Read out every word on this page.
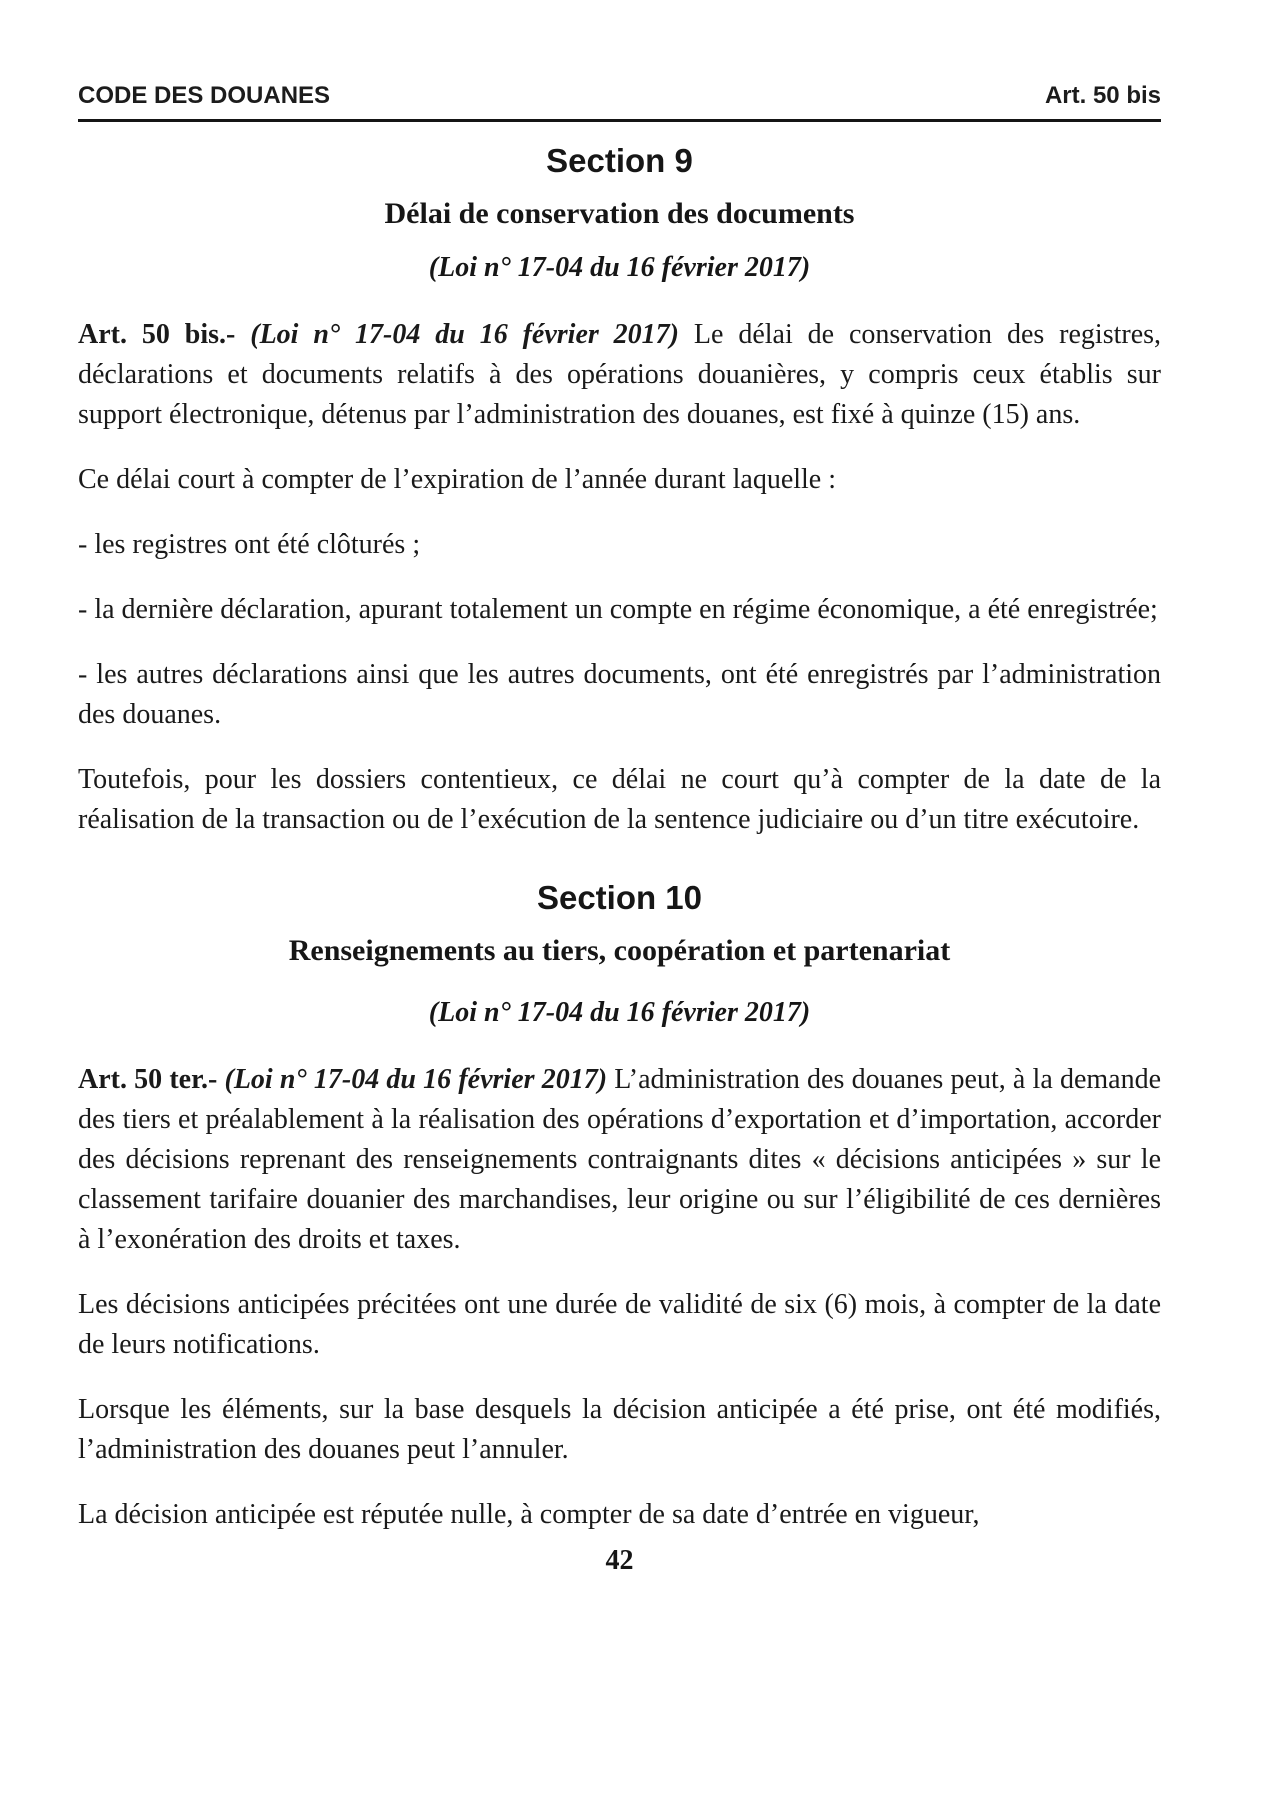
CODE DES DOUANES	Art. 50 bis
Section 9
Délai de conservation des documents
(Loi n° 17-04 du 16 février 2017)

Art. 50 bis.- (Loi n° 17-04 du 16 février 2017) Le délai de conservation des registres, déclarations et documents relatifs à des opérations douanières, y compris ceux établis sur support électronique, détenus par l’administration des douanes, est fixé à quinze (15) ans.

Ce délai court à compter de l’expiration de l’année durant laquelle :

- les registres ont été clôturés ;

- la dernière déclaration, apurant totalement un compte en régime économique, a été enregistrée;

- les autres déclarations ainsi que les autres documents, ont été enregistrés par l’administration des douanes.

Toutefois, pour les dossiers contentieux, ce délai ne court qu’à compter de la date de la réalisation de la transaction ou de l’exécution de la sentence judiciaire ou d’un titre exécutoire.

Section 10
Renseignements au tiers, coopération et partenariat
(Loi n° 17-04 du 16 février 2017)

Art. 50 ter.- (Loi n° 17-04 du 16 février 2017) L’administration des douanes peut, à la demande des tiers et préalablement à la réalisation des opérations d’exportation et d’importation, accorder des décisions reprenant des renseignements contraignants dites « décisions anticipées » sur le classement tarifaire douanier des marchandises, leur origine ou sur l’éligibilité de ces dernières à l’exonération des droits et taxes.

Les décisions anticipées précitées ont une durée de validité de six (6) mois, à compter de la date de leurs notifications.

Lorsque les éléments, sur la base desquels la décision anticipée a été prise, ont été modifiés, l’administration des douanes peut l’annuler.

La décision anticipée est réputée nulle, à compter de sa date d’entrée en vigueur,

42
